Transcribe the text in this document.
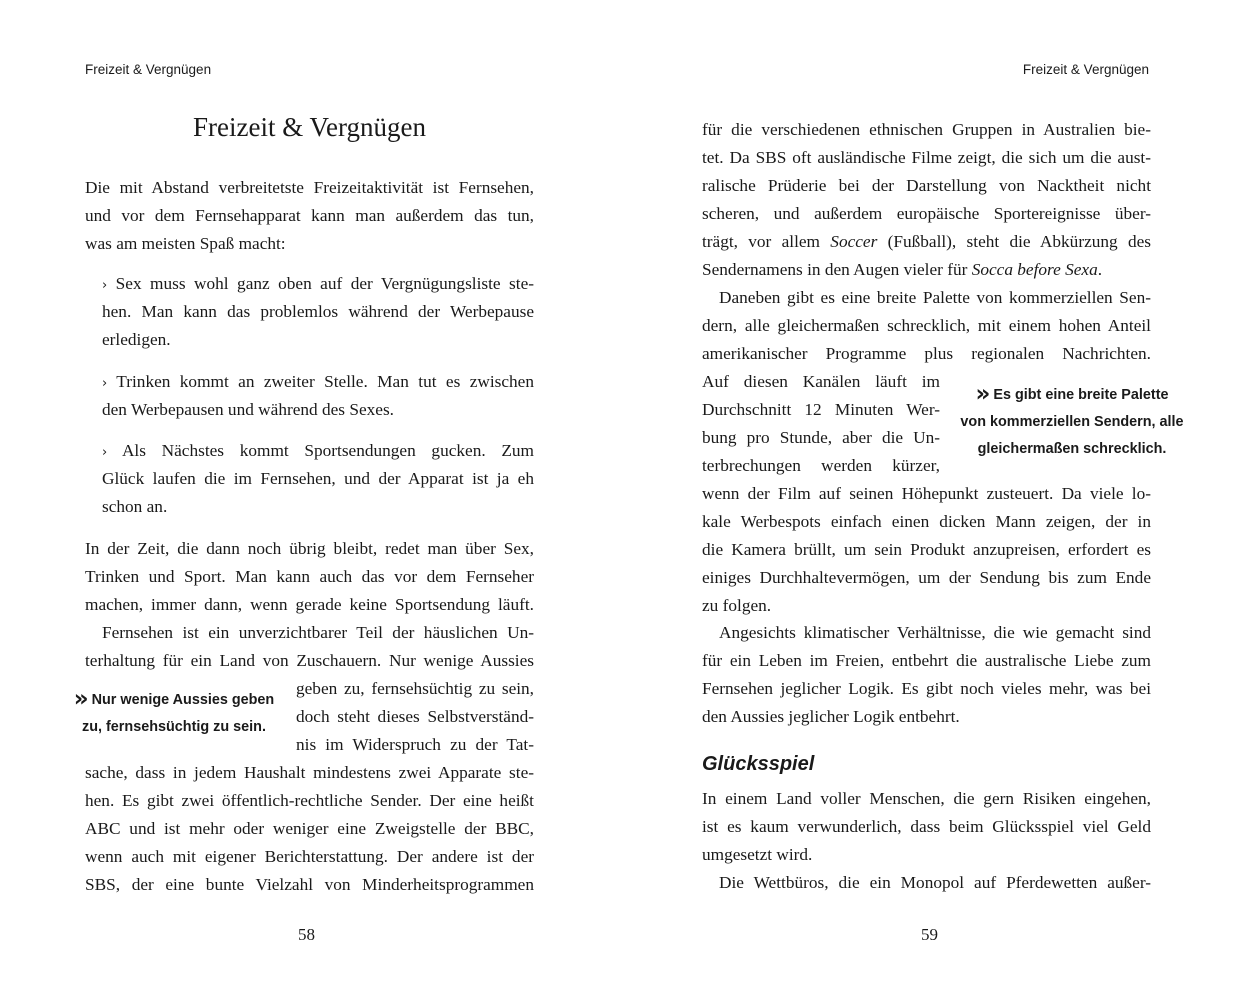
Freizeit & Vergnügen
Freizeit & Vergnügen
Die mit Abstand verbreitetste Freizeitaktivität ist Fernsehen,
und vor dem Fernsehapparat kann man außerdem das tun,
was am meisten Spaß macht:
› Sex muss wohl ganz oben auf der Vergnügungsliste ste-
hen. Man kann das problemlos während der Werbepause
erledigen.
› Trinken kommt an zweiter Stelle. Man tut es zwischen
den Werbepausen und während des Sexes.
› Als Nächstes kommt Sportsendungen gucken. Zum
Glück laufen die im Fernsehen, und der Apparat ist ja eh
schon an.
In der Zeit, die dann noch übrig bleibt, redet man über Sex,
Trinken und Sport. Man kann auch das vor dem Fernseher
machen, immer dann, wenn gerade keine Sportsendung läuft.
Fernsehen ist ein unverzichtbarer Teil der häuslichen Un-
terhaltung für ein Land von Zuschauern. Nur wenige Aussies
geben zu, fernsehsüchtig zu sein,
doch steht dieses Selbstverständ-
nis im Widerspruch zu der Tat-
sache, dass in jedem Haushalt mindestens zwei Apparate ste-
hen. Es gibt zwei öffentlich-rechtliche Sender. Der eine heißt
ABC und ist mehr oder weniger eine Zweigstelle der BBC,
wenn auch mit eigener Berichterstattung. Der andere ist der
SBS, der eine bunte Vielzahl von Minderheitsprogrammen
» Nur wenige Aussies geben
zu, fernsehsüchtig zu sein.
58
Freizeit & Vergnügen
für die verschiedenen ethnischen Gruppen in Australien bie-
tet. Da SBS oft ausländische Filme zeigt, die sich um die aust-
ralische Prüderie bei der Darstellung von Nacktheit nicht
scheren, und außerdem europäische Sportereignisse über-
trägt, vor allem Soccer (Fußball), steht die Abkürzung des
Sendernamens in den Augen vieler für Socca before Sexa.
Daneben gibt es eine breite Palette von kommerziellen Sen-
dern, alle gleichermaßen schrecklich, mit einem hohen Anteil
amerikanischer Programme plus regionalen Nachrichten.
Auf diesen Kanälen läuft im
Durchschnitt 12 Minuten Wer-
bung pro Stunde, aber die Un-
terbrechungen werden kürzer,
wenn der Film auf seinen Höhepunkt zusteuert. Da viele lo-
kale Werbespots einfach einen dicken Mann zeigen, der in
die Kamera brüllt, um sein Produkt anzupreisen, erfordert es
einiges Durchhaltevermögen, um der Sendung bis zum Ende
zu folgen.
Angesichts klimatischer Verhältnisse, die wie gemacht sind
für ein Leben im Freien, entbehrt die australische Liebe zum
Fernsehen jeglicher Logik. Es gibt noch vieles mehr, was bei
den Aussies jeglicher Logik entbehrt.
» Es gibt eine breite Palette
von kommerziellen Sendern, alle
gleichermaßen schrecklich.
Glücksspiel
In einem Land voller Menschen, die gern Risiken eingehen,
ist es kaum verwunderlich, dass beim Glücksspiel viel Geld
umgesetzt wird.
Die Wettbüros, die ein Monopol auf Pferdewetten außer-
59
